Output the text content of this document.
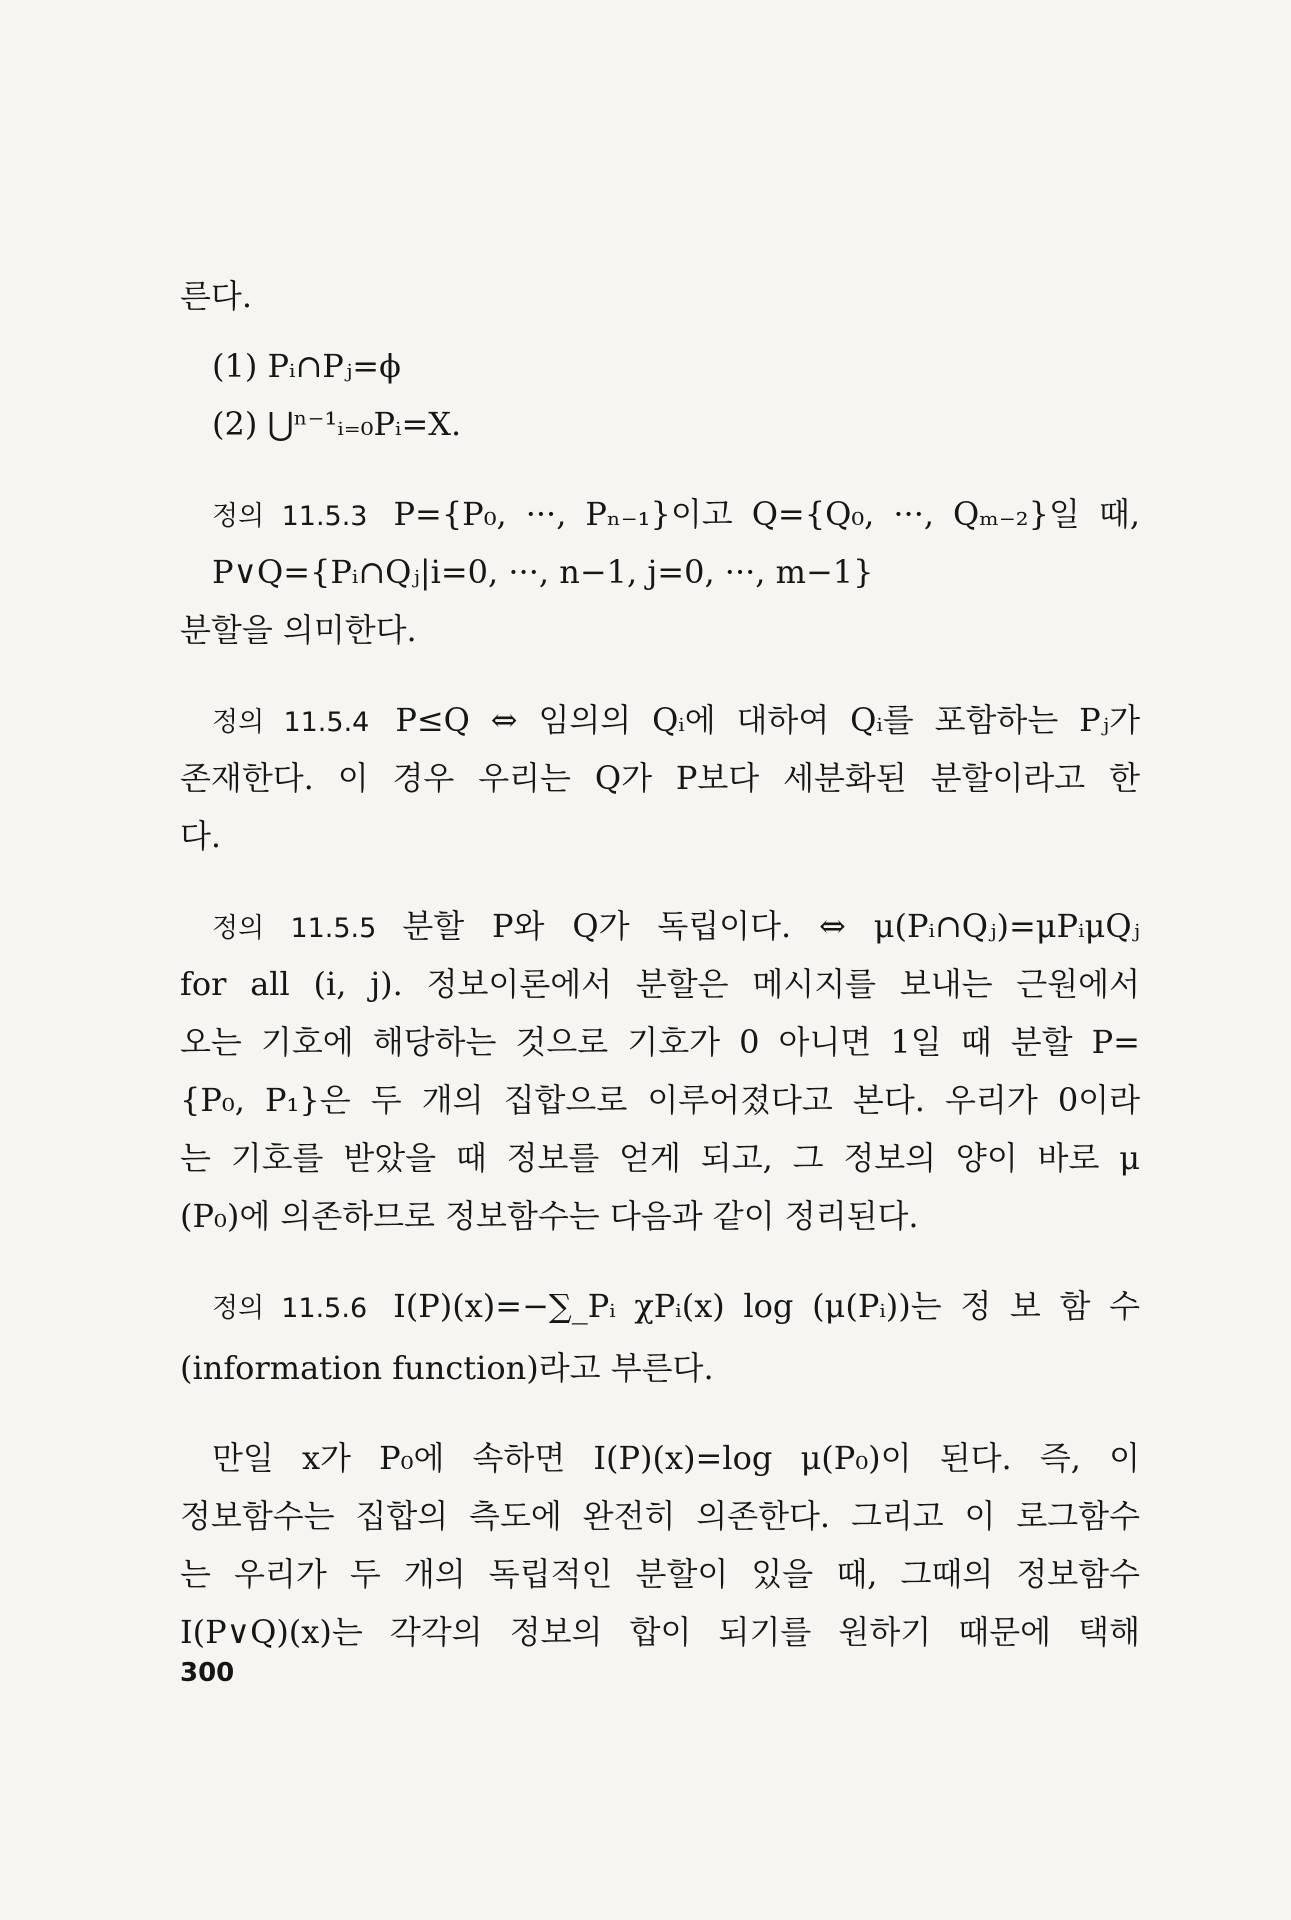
른다.
(1) Pᵢ∩Pⱼ=ϕ
(2) ⋃ⁿ⁻¹ᵢ₌₀Pᵢ=X.
정의 11.5.3 P={P₀, ···, Pₙ₋₁}이고 Q={Q₀, ···, Qₘ₋₂}일 때,
P∨Q={Pᵢ∩Qⱼ|i=0, ···, n−1, j=0, ···, m−1}
분할을 의미한다.
정의 11.5.4 P≤Q ⇔ 임의의 Qᵢ에 대하여 Qᵢ를 포함하는 Pⱼ가
존재한다. 이 경우 우리는 Q가 P보다 세분화된 분할이라고 한
다.
정의 11.5.5 분할 P와 Q가 독립이다. ⇔ μ(Pᵢ∩Qⱼ)=μPᵢμQⱼ
for all (i, j). 정보이론에서 분할은 메시지를 보내는 근원에서
오는 기호에 해당하는 것으로 기호가 0 아니면 1일 때 분할 P=
{P₀, P₁}은 두 개의 집합으로 이루어졌다고 본다. 우리가 0이라
는 기호를 받았을 때 정보를 얻게 되고, 그 정보의 양이 바로 μ
(P₀)에 의존하므로 정보함수는 다음과 같이 정리된다.
정의 11.5.6 I(P)(x)=−∑_Pᵢ χPᵢ(x) log (μ(Pᵢ))는 정 보 함 수
(information function)라고 부른다.
만일 x가 P₀에 속하면 I(P)(x)=log μ(P₀)이 된다. 즉, 이
정보함수는 집합의 측도에 완전히 의존한다. 그리고 이 로그함수
는 우리가 두 개의 독립적인 분할이 있을 때, 그때의 정보함수
I(P∨Q)(x)는 각각의 정보의 합이 되기를 원하기 때문에 택해
300
